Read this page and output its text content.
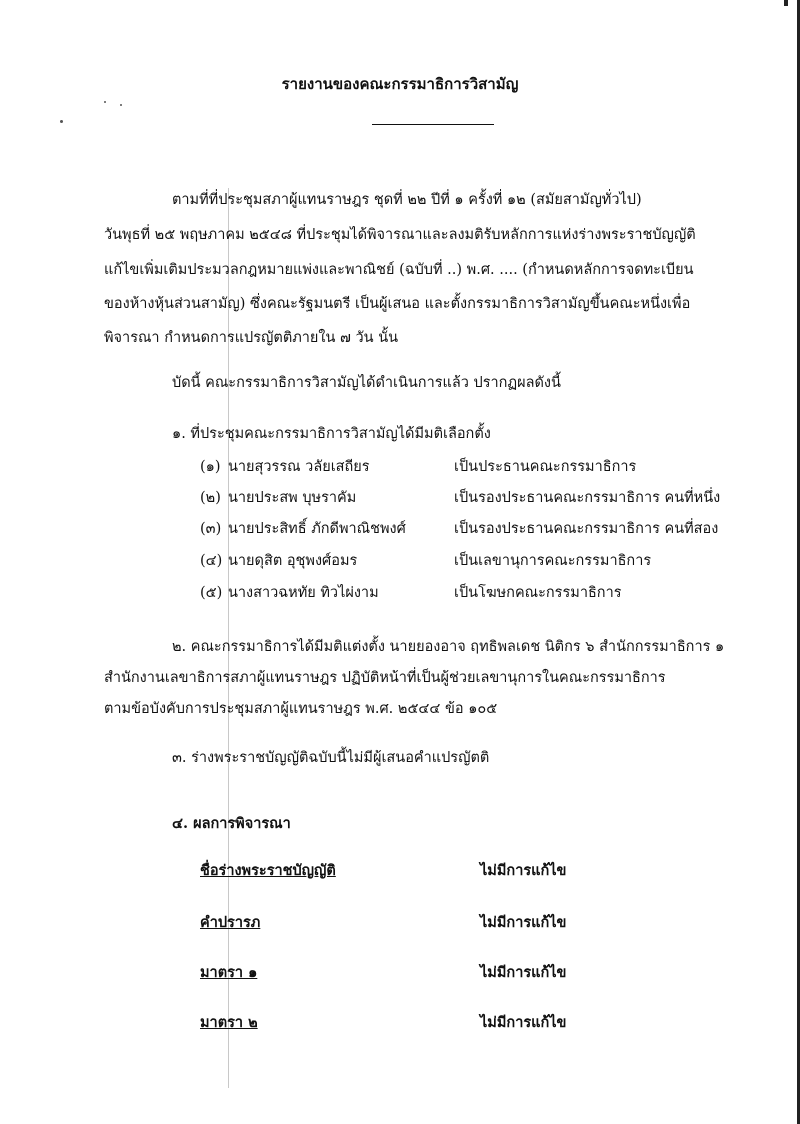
รายงานของคณะกรรมาธิการวิสามัญ
ตามที่ที่ประชุมสภาผู้แทนราษฎร ชุดที่ ๒๒ ปีที่ ๑ ครั้งที่ ๑๒ (สมัยสามัญทั่วไป)
วันพุธที่ ๒๕ พฤษภาคม ๒๕๔๘ ที่ประชุมได้พิจารณาและลงมติรับหลักการแห่งร่างพระราชบัญญัติ
แก้ไขเพิ่มเติมประมวลกฎหมายแพ่งและพาณิชย์ (ฉบับที่ ..) พ.ศ. .... (กำหนดหลักการจดทะเบียน
ของห้างหุ้นส่วนสามัญ) ซึ่งคณะรัฐมนตรี เป็นผู้เสนอ และตั้งกรรมาธิการวิสามัญขึ้นคณะหนึ่งเพื่อ
พิจารณา กำหนดการแปรญัตติภายใน ๗ วัน นั้น
บัดนี้ คณะกรรมาธิการวิสามัญได้ดำเนินการแล้ว ปรากฏผลดังนี้
๑. ที่ประชุมคณะกรรมาธิการวิสามัญได้มีมติเลือกตั้ง
(๑) นายสุวรรณ วลัยเสถียร	เป็นประธานคณะกรรมาธิการ
(๒) นายประสพ บุษราคัม	เป็นรองประธานคณะกรรมาธิการ คนที่หนึ่ง
(๓) นายประสิทธิ์ ภักดีพาณิชพงศ์	เป็นรองประธานคณะกรรมาธิการ คนที่สอง
(๔) นายดุสิต อุชุพงศ์อมร	เป็นเลขานุการคณะกรรมาธิการ
(๕) นางสาวฉหทัย ทิวไผ่งาม	เป็นโฆษกคณะกรรมาธิการ
๒. คณะกรรมาธิการได้มีมติแต่งตั้ง นายยองอาจ ฤทธิพลเดช นิติกร ๖ สำนักกรรมาธิการ ๑
สำนักงานเลขาธิการสภาผู้แทนราษฎร ปฏิบัติหน้าที่เป็นผู้ช่วยเลขานุการในคณะกรรมาธิการ
ตามข้อบังคับการประชุมสภาผู้แทนราษฎร พ.ศ. ๒๕๔๔ ข้อ ๑๐๕
๓. ร่างพระราชบัญญัติฉบับนี้ไม่มีผู้เสนอคำแปรญัตติ
๔. ผลการพิจารณา
ชื่อร่างพระราชบัญญัติ	ไม่มีการแก้ไข
คำปรารภ	ไม่มีการแก้ไข
มาตรา ๑	ไม่มีการแก้ไข
มาตรา ๒	ไม่มีการแก้ไข
